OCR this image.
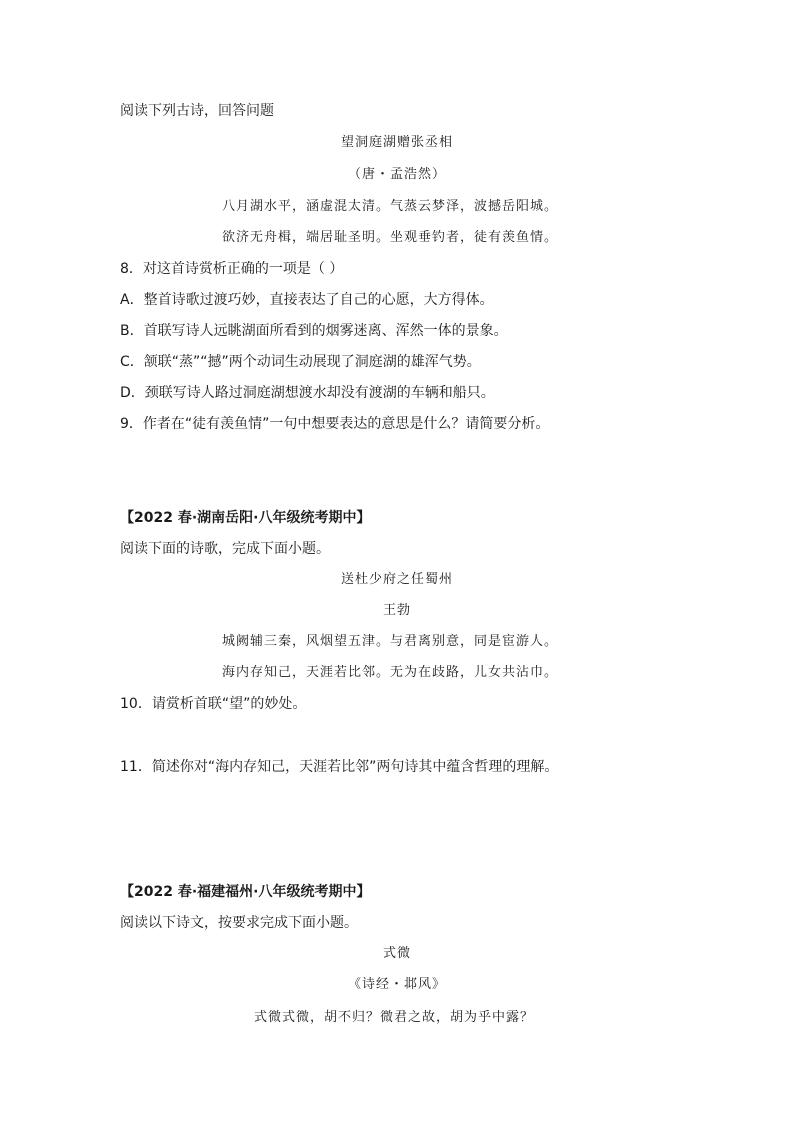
阅读下列古诗，回答问题
望洞庭湖赠张丞相
（唐・孟浩然）
八月湖水平，涵虚混太清。气蒸云梦泽，波撼岳阳城。
欲济无舟楫，端居耻圣明。坐观垂钓者，徒有羡鱼情。
8．对这首诗赏析正确的一项是（ ）
A．整首诗歌过渡巧妙，直接表达了自己的心愿，大方得体。
B．首联写诗人远眺湖面所看到的烟雾迷离、浑然一体的景象。
C．颔联“蒸”“撼”两个动词生动展现了洞庭湖的雄浑气势。
D．颈联写诗人路过洞庭湖想渡水却没有渡湖的车辆和船只。
9．作者在“徒有羡鱼情”一句中想要表达的意思是什么？请简要分析。
【2022 春·湖南岳阳·八年级统考期中】
阅读下面的诗歌，完成下面小题。
送杜少府之任蜀州
王勃
城阙辅三秦，风烟望五津。与君离别意，同是宦游人。
海内存知己，天涯若比邻。无为在歧路，儿女共沾巾。
10．请赏析首联“望”的妙处。
11．简述你对“海内存知己，天涯若比邻”两句诗其中蕴含哲理的理解。
【2022 春·福建福州·八年级统考期中】
阅读以下诗文，按要求完成下面小题。
式微
《诗经・邶风》
式微式微，胡不归？微君之故，胡为乎中露？
